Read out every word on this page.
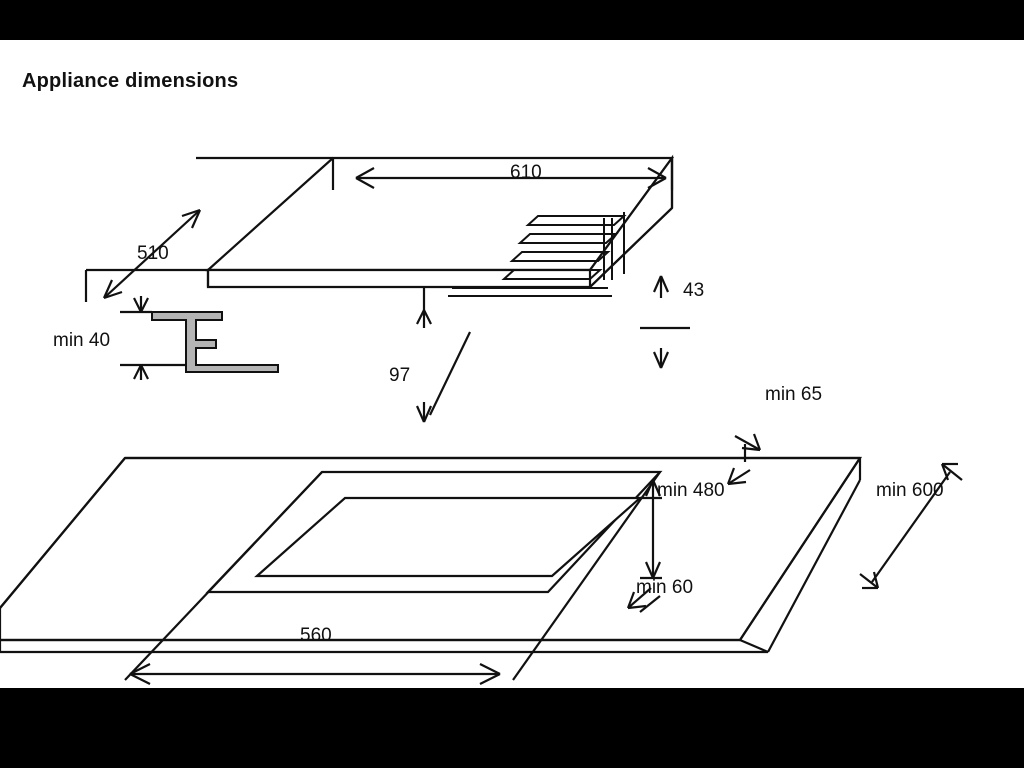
Appliance dimensions
610
510
min 40
97
43
min 65
min 480	min 600
min 60
560
